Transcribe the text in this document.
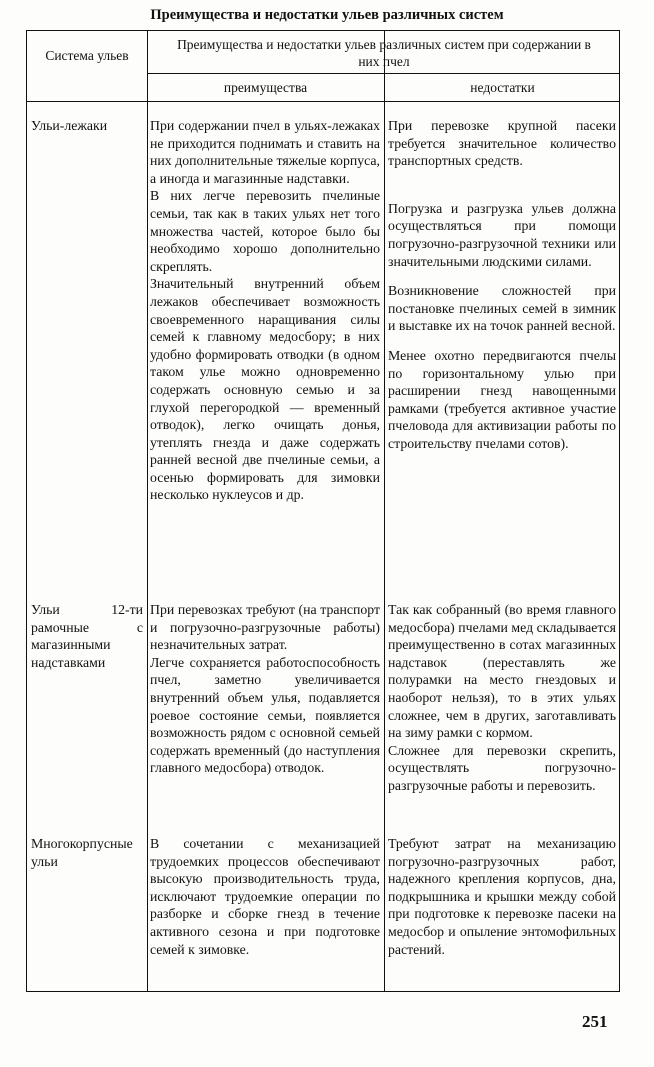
Преимущества и недостатки ульев различных систем
Система ульев
Преимущества и недостатки ульев различных систем при содержании в них пчел
преимущества	недостатки
Ульи-лежаки	При содержании пчел в ульях-лежаках не приходится поднимать и ставить на них дополнительные тяжелые корпуса, а иногда и магазинные надставки.
В них легче перевозить пчелиные семьи, так как в таких ульях нет того множества частей, которое было бы необходимо хорошо дополнительно скреплять.
Значительный внутренний объем лежаков обеспечивает возможность своевременного наращивания силы семей к главному медосбору; в них удобно формировать отводки (в одном таком улье можно одновременно содержать основную семью и за глухой перегородкой — временный отводок), легко очищать донья, утеплять гнезда и даже содержать ранней весной две пчелиные семьи, а осенью формировать для зимовки несколько нуклеусов и др.
При перевозке крупной пасеки требуется значительное количество транспортных средств.
Погрузка и разгрузка ульев должна осуществляться при помощи погрузочно-разгрузочной техники или значительными людскими силами.
Возникновение сложностей при постановке пчелиных семей в зимник и выставке их на точок ранней весной.
Менее охотно передвигаются пчелы по горизонтальному улью при расширении гнезд навощенными рамками (требуется активное участие пчеловода для активизации работы по строительству пчелами сотов).
Ульи 12-ти рамочные с магазинными надставками
При перевозках требуют (на транспорт и погрузочно-разгрузочные работы) незначительных затрат.
Легче сохраняется работоспособность пчел, заметно увеличивается внутренний объем улья, подавляется роевое состояние семьи, появляется возможность рядом с основной семьей содержать временный (до наступления главного медосбора) отводок.
Так как собранный (во время главного медосбора) пчелами мед складывается преимущественно в сотах магазинных надставок (переставлять же полурамки на место гнездовых и наоборот нельзя), то в этих ульях сложнее, чем в других, заготавливать на зиму рамки с кормом.
Сложнее для перевозки скрепить, осуществлять погрузочно-разгрузочные работы и перевозить.
Многокорпусные ульи
В сочетании с механизацией трудоемких процессов обеспечивают высокую производительность труда, исключают трудоемкие операции по разборке и сборке гнезд в течение активного сезона и при подготовке семей к зимовке.
Требуют затрат на механизацию погрузочно-разгрузочных работ, надежного крепления корпусов, дна, подкрышника и крышки между собой при подготовке к перевозке пасеки на медосбор и опыление энтомофильных растений.
251
